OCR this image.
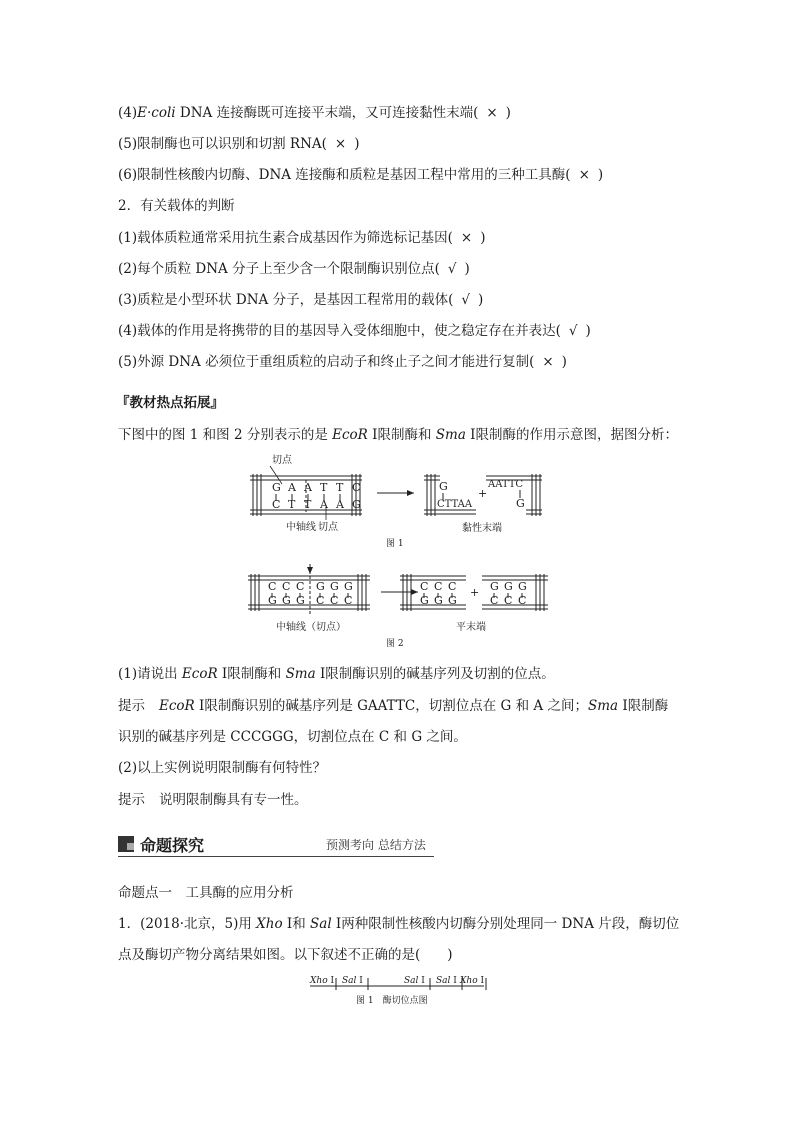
(4)E·coli DNA 连接酶既可连接平末端，又可连接黏性末端( × )
(5)限制酶也可以识别和切割 RNA( × )
(6)限制性核酸内切酶、DNA 连接酶和质粒是基因工程中常用的三种工具酶( × )
2．有关载体的判断
(1)载体质粒通常采用抗生素合成基因作为筛选标记基因( × )
(2)每个质粒 DNA 分子上至少含一个限制酶识别位点( √ )
(3)质粒是小型环状 DNA 分子，是基因工程常用的载体( √ )
(4)载体的作用是将携带的目的基因导入受体细胞中，使之稳定存在并表达( √ )
(5)外源 DNA 必须位于重组质粒的启动子和终止子之间才能进行复制( × )
『教材热点拓展』
下图中的图 1 和图 2 分别表示的是 EcoR Ⅰ限制酶和 Sma Ⅰ限制酶的作用示意图，据图分析：
切点
G A A T T C
C T T A A G
中轴线 切点
G
CTTAA
+
AATTC
G
黏性末端
图 1
C C C G G G
G G G C C C
C C C
G G G
+ G G G
C C C
中轴线（切点）	平末端
图 2
(1)请说出 EcoR Ⅰ限制酶和 Sma Ⅰ限制酶识别的碱基序列及切割的位点。
提示 EcoR Ⅰ限制酶识别的碱基序列是 GAATTC，切割位点在 G 和 A 之间；Sma Ⅰ限制酶
识别的碱基序列是 CCCGGG，切割位点在 C 和 G 之间。
(2)以上实例说明限制酶有何特性？
提示 说明限制酶具有专一性。
命题探究	预测考向 总结方法
命题点一　工具酶的应用分析
1．(2018·北京，5)用 Xho Ⅰ和 Sal Ⅰ两种限制性核酸内切酶分别处理同一 DNA 片段，酶切位
点及酶切产物分离结果如图。以下叙述不正确的是(　　)
Xho Ⅰ Sal Ⅰ	Sal Ⅰ Sal Ⅰ Xho Ⅰ
图 1　酶切位点图
